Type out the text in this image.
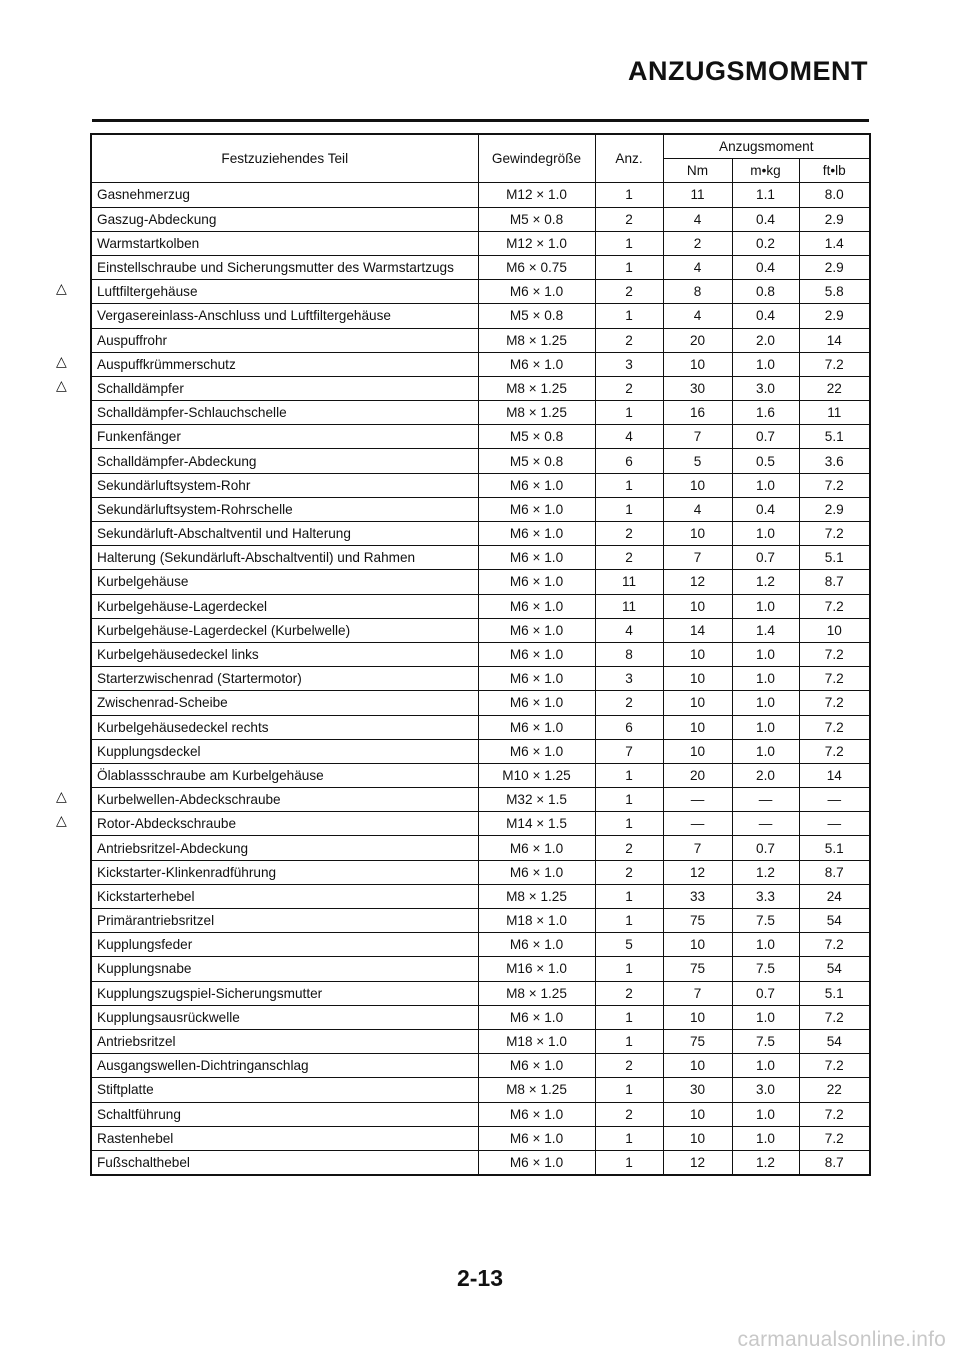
ANZUGSMOMENT
Festzuziehendes Teil	Gewindegröße	Anz.	Anzugsmoment		
			Nm	m•kg	ft•lb
Gasnehmerzug	M12 × 1.0	1	11	1.1	8.0
Gaszug-Abdeckung	M5 × 0.8	2	4	0.4	2.9
Warmstartkolben	M12 × 1.0	1	2	0.2	1.4
Einstellschraube und Sicherungsmutter des Warmstartzugs	M6 × 0.75	1	4	0.4	2.9

△ Luftfiltergehäuse	M6 × 1.0	2	8	0.8	5.8
Vergasereinlass-Anschluss und Luftfiltergehäuse	M5 × 0.8	1	4	0.4	2.9
Auspuffrohr	M8 × 1.25	2	20	2.0	14

△ Auspuffkrümmerschutz	M6 × 1.0	3	10	1.0	7.2

△ Schalldämpfer	M8 × 1.25	2	30	3.0	22
Schalldämpfer-Schlauchschelle	M8 × 1.25	1	16	1.6	11
Funkenfänger	M5 × 0.8	4	7	0.7	5.1
Schalldämpfer-Abdeckung	M5 × 0.8	6	5	0.5	3.6
Sekundärluftsystem-Rohr	M6 × 1.0	1	10	1.0	7.2
Sekundärluftsystem-Rohrschelle	M6 × 1.0	1	4	0.4	2.9
Sekundärluft-Abschaltventil und Halterung	M6 × 1.0	2	10	1.0	7.2
Halterung (Sekundärluft-Abschaltventil) und Rahmen	M6 × 1.0	2	7	0.7	5.1
Kurbelgehäuse	M6 × 1.0	11	12	1.2	8.7
Kurbelgehäuse-Lagerdeckel	M6 × 1.0	11	10	1.0	7.2
Kurbelgehäuse-Lagerdeckel (Kurbelwelle)	M6 × 1.0	4	14	1.4	10
Kurbelgehäusedeckel links	M6 × 1.0	8	10	1.0	7.2
Starterzwischenrad (Startermotor)	M6 × 1.0	3	10	1.0	7.2
Zwischenrad-Scheibe	M6 × 1.0	2	10	1.0	7.2
Kurbelgehäusedeckel rechts	M6 × 1.0	6	10	1.0	7.2
Kupplungsdeckel	M6 × 1.0	7	10	1.0	7.2
Ölablassschraube am Kurbelgehäuse	M10 × 1.25	1	20	2.0	14

△ Kurbelwellen-Abdeckschraube	M32 × 1.5	1	—	—	—

△ Rotor-Abdeckschraube	M14 × 1.5	1	—	—	—
Antriebsritzel-Abdeckung	M6 × 1.0	2	7	0.7	5.1
Kickstarter-Klinkenradführung	M6 × 1.0	2	12	1.2	8.7
Kickstarterhebel	M8 × 1.25	1	33	3.3	24
Primärantriebsritzel	M18 × 1.0	1	75	7.5	54
Kupplungsfeder	M6 × 1.0	5	10	1.0	7.2
Kupplungsnabe	M16 × 1.0	1	75	7.5	54
Kupplungszugspiel-Sicherungsmutter	M8 × 1.25	2	7	0.7	5.1
Kupplungsausrückwelle	M6 × 1.0	1	10	1.0	7.2
Antriebsritzel	M18 × 1.0	1	75	7.5	54
Ausgangswellen-Dichtringanschlag	M6 × 1.0	2	10	1.0	7.2
Stiftplatte	M8 × 1.25	1	30	3.0	22
Schaltführung	M6 × 1.0	2	10	1.0	7.2
Rastenhebel	M6 × 1.0	1	10	1.0	7.2
Fußschalthebel	M6 × 1.0	1	12	1.2	8.7
2-13
carmanualsonline.info
